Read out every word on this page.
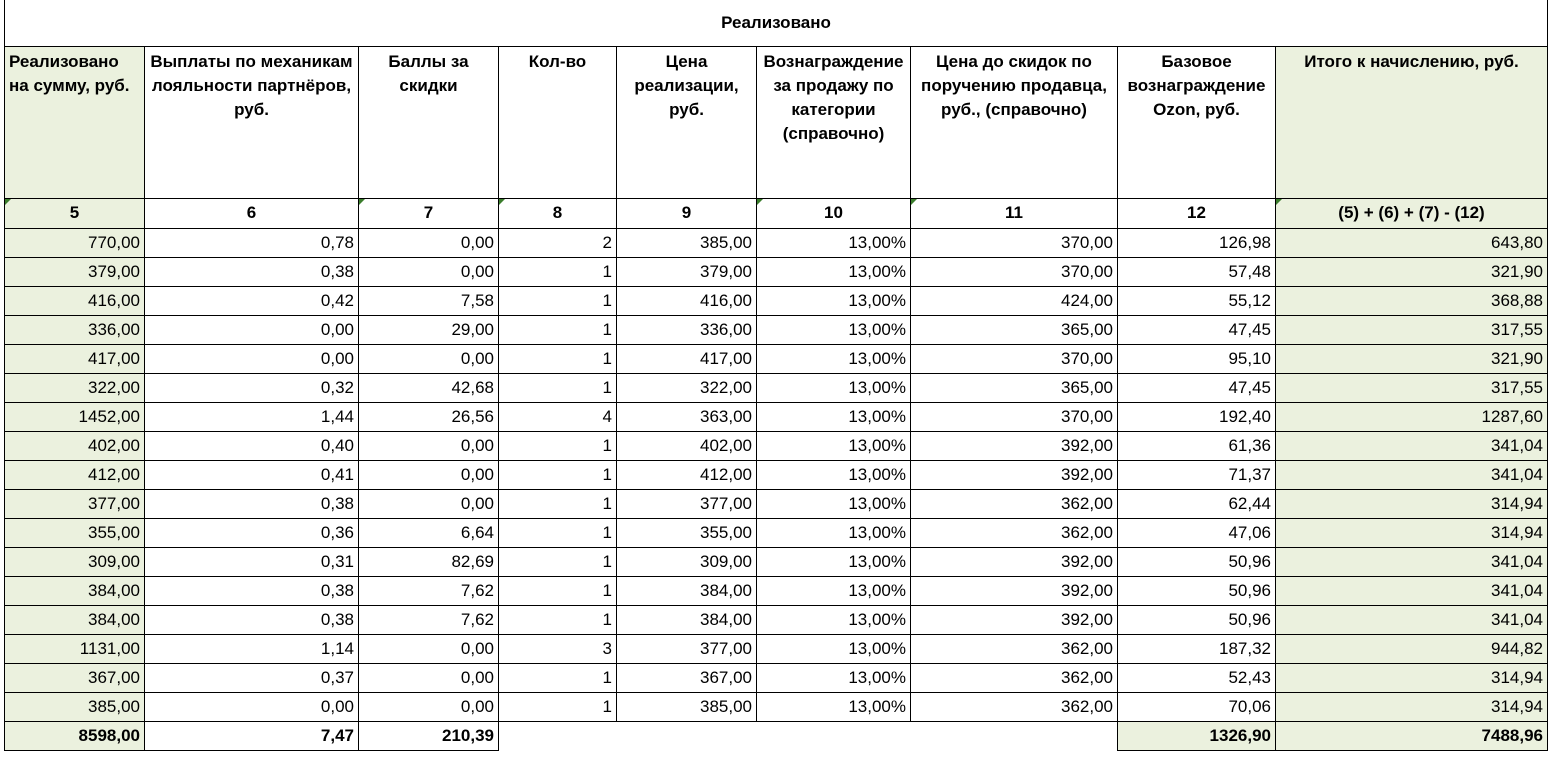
Реализовано								
Реализовано на сумму, руб.	Выплаты по механикам лояльности партнёров, руб.	Баллы за скидки	Кол-во	Цена реализации, руб.	Вознаграждение за продажу по категории (справочно)	Цена до скидок по поручению продавца, руб., (справочно)	Базовое вознаграждение Ozon, руб.	Итого к начислению, руб.
5	6	7	8	9	10	11	12	(5) + (6) + (7) - (12)
770,00	0,78	0,00	2	385,00	13,00%	370,00	126,98	643,80
379,00	0,38	0,00	1	379,00	13,00%	370,00	57,48	321,90
416,00	0,42	7,58	1	416,00	13,00%	424,00	55,12	368,88
336,00	0,00	29,00	1	336,00	13,00%	365,00	47,45	317,55
417,00	0,00	0,00	1	417,00	13,00%	370,00	95,10	321,90
322,00	0,32	42,68	1	322,00	13,00%	365,00	47,45	317,55
1452,00	1,44	26,56	4	363,00	13,00%	370,00	192,40	1287,60
402,00	0,40	0,00	1	402,00	13,00%	392,00	61,36	341,04
412,00	0,41	0,00	1	412,00	13,00%	392,00	71,37	341,04
377,00	0,38	0,00	1	377,00	13,00%	362,00	62,44	314,94
355,00	0,36	6,64	1	355,00	13,00%	362,00	47,06	314,94
309,00	0,31	82,69	1	309,00	13,00%	392,00	50,96	341,04
384,00	0,38	7,62	1	384,00	13,00%	392,00	50,96	341,04
384,00	0,38	7,62	1	384,00	13,00%	392,00	50,96	341,04
1131,00	1,14	0,00	3	377,00	13,00%	362,00	187,32	944,82
367,00	0,37	0,00	1	367,00	13,00%	362,00	52,43	314,94
385,00	0,00	0,00	1	385,00	13,00%	362,00	70,06	314,94
8598,00	7,47	210,39					1326,90	7488,96
